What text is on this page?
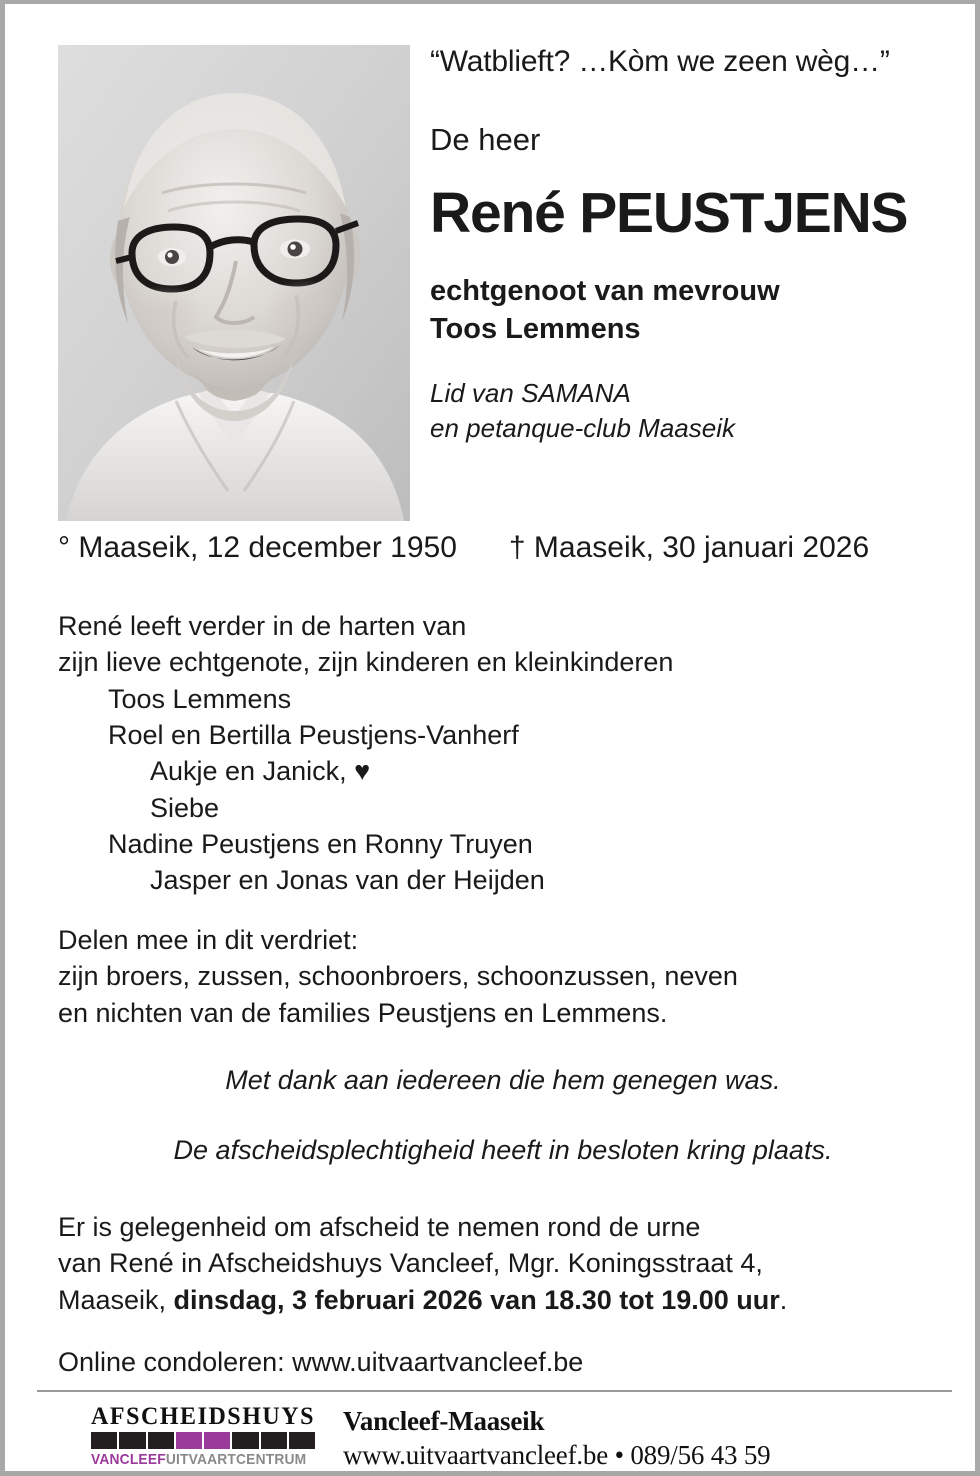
“Watblieft? …Kòm we zeen wèg…”
De heer
René PEUSTJENS
echtgenoot van mevrouw
Toos Lemmens
Lid van SAMANA
en petanque-club Maaseik
° Maaseik, 12 december 1950 † Maaseik, 30 januari 2026
René leeft verder in de harten van
zijn lieve echtgenote, zijn kinderen en kleinkinderen
Toos Lemmens
Roel en Bertilla Peustjens-Vanherf
Aukje en Janick, ♥
Siebe
Nadine Peustjens en Ronny Truyen
Jasper en Jonas van der Heijden
Delen mee in dit verdriet:
zijn broers, zussen, schoonbroers, schoonzussen, neven
en nichten van de families Peustjens en Lemmens.
Met dank aan iedereen die hem genegen was.
De afscheidsplechtigheid heeft in besloten kring plaats.
Er is gelegenheid om afscheid te nemen rond de urne
van René in Afscheidshuys Vancleef, Mgr. Koningsstraat 4,
Maaseik, dinsdag, 3 februari 2026 van 18.30 tot 19.00 uur.
Online condoleren: www.uitvaartvancleef.be
AFSCHEIDSHUYS
VANCLEEF UITVAARTCENTRUM
Vancleef-Maaseik
www.uitvaartvancleef.be • 089/56 43 59
